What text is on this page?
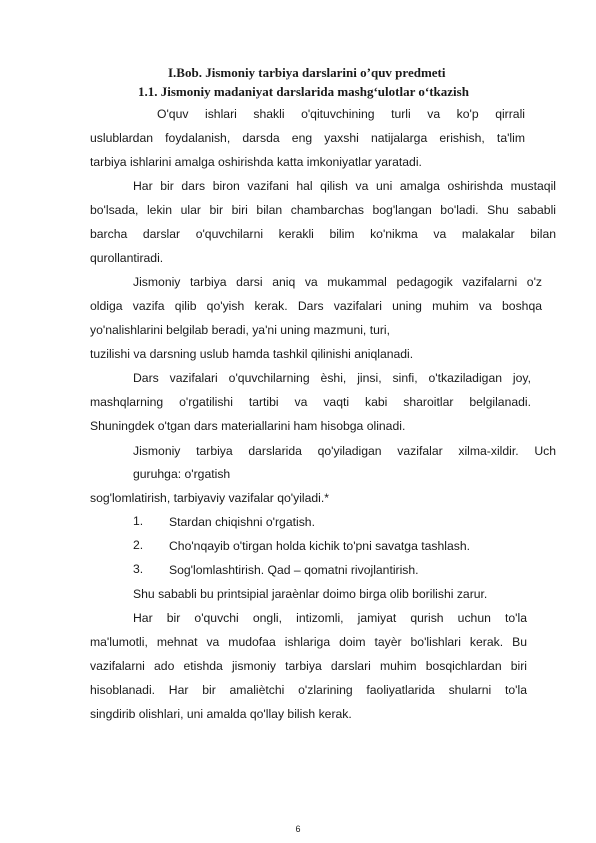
I.Bob. Jismoniy tarbiya darslarini o’quv predmeti
1.1. Jismoniy madaniyat darslarida mashg‘ulotlar o‘tkazish
O'quv ishlari shakli o'qituvchining turli va ko'p qirrali
uslublardan foydalanish, darsda eng yaxshi natijalarga erishish, ta'lim
tarbiya ishlarini amalga oshirishda katta imkoniyatlar yaratadi.
Har bir dars biron vazifani hal qilish va uni amalga oshirishda mustaqil
bo'lsada, lekin ular bir biri bilan chambarchas bog'langan bo'ladi. Shu sababli
barcha darslar o'quvchilarni kerakli bilim ko'nikma va malakalar bilan
qurollantiradi.
Jismoniy tarbiya darsi aniq va mukammal pedagogik vazifalarni o'z
oldiga vazifa qilib qo'yish kerak. Dars vazifalari uning muhim va boshqa
yo'nalishlarini belgilab beradi, ya'ni uning mazmuni, turi,
tuzilishi va darsning uslub hamda tashkil qilinishi aniqlanadi.
Dars vazifalari o'quvchilarning ѐshi, jinsi, sinfi, o'tkaziladigan joy,
mashqlarning o'rgatilishi tartibi va vaqti kabi sharoitlar belgilanadi.
Shuningdek o'tgan dars materiallarini ham hisobga olinadi.
Jismoniy tarbiya darslarida qo'yiladigan vazifalar xilma-xildir. Uch
guruhga: o'rgatish
sog'lomlatirish, tarbiyaviy vazifalar qo'yiladi.*
1. Stardan chiqishni o'rgatish.
2. Cho'nqayib o'tirgan holda kichik to'pni savatga tashlash.
3. Sog'lomlashtirish. Qad – qomatni rivojlantirish.
Shu sababli bu printsipial jaraѐnlar doimo birga olib borilishi zarur.
Har bir o'quvchi ongli, intizomli, jamiyat qurish uchun to'la
ma'lumotli, mehnat va mudofaa ishlariga doim tayѐr bo'lishlari kerak. Bu
vazifalarni ado etishda jismoniy tarbiya darslari muhim bosqichlardan biri
hisoblanadi. Har bir amaliѐtchi o'zlarining faoliyatlarida shularni to'la
singdirib olishlari, uni amalda qo'llay bilish kerak.
6
